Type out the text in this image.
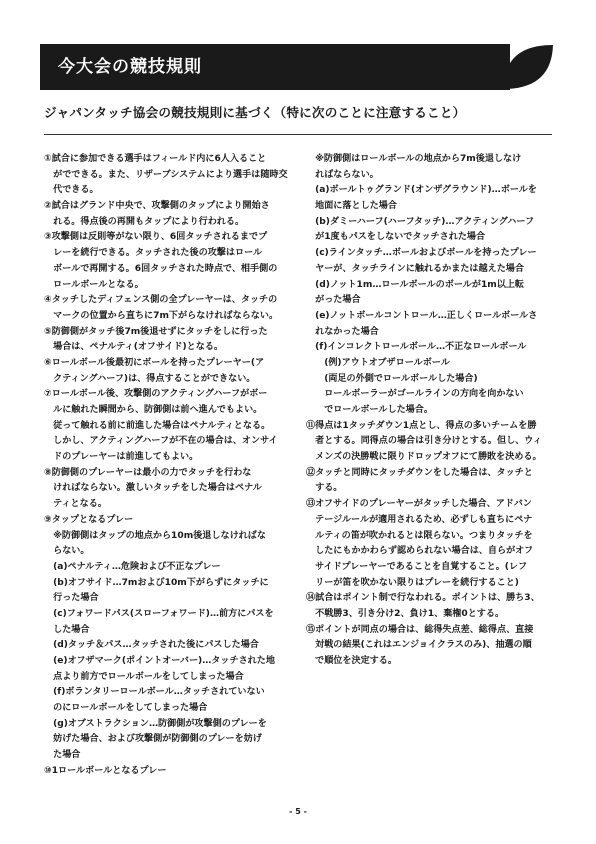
今大会の競技規則
ジャパンタッチ協会の競技規則に基づく（特に次のことに注意すること）
①試合に参加できる選手はフィールド内に6人入ること
　がでできる。また、リザーブシステムにより選手は随時交
　代できる。
②試合はグランド中央で、攻撃側のタップにより開始さ
　れる。得点後の再開もタップにより行われる。
③攻撃側は反則等がない限り、6回タッチされるまでプ
　レーを続行できる。タッチされた後の攻撃はロール
　ボールで再開する。6回タッチされた時点で、相手側の
　ロールボールとなる。
④タッチしたディフェンス側の全プレーヤーは、タッチの
　マークの位置から直ちに7m下がらなければならない。
⑤防御側がタッチ後7m後退せずにタッチをしに行った
　場合は、ペナルティ(オフサイド)となる。
⑥ロールボール後最初にボールを持ったプレーヤー(ア
　クティングハーフ)は、得点することができない。
⑦ロールボール後、攻撃側のアクティングハーフがボー
　ルに触れた瞬間から、防御側は前へ進んでもよい。
　従って触れる前に前進した場合はペナルティとなる。
　しかし、アクティングハーフが不在の場合は、オンサイ
　ドのプレーヤーは前進してもよい。
⑧防御側のプレーヤーは最小の力でタッチを行わな
　ければならない。激しいタッチをした場合はペナル
　ティとなる。
⑨タップとなるプレー
　※防御側はタップの地点から10m後退しなければな
　らない。
　(a)ペナルティ…危険および不正なプレー
　(b)オフサイド…7mおよび10m下がらずにタッチに
　行った場合
　(c)フォワードパス(スローフォワード)…前方にパスを
　した場合
　(d)タッチ＆パス…タッチされた後にパスした場合
　(e)オフザマーク(ポイントオーバー)…タッチされた地
　点より前方でロールボールをしてしまった場合
　(f)ボランタリーロールボール…タッチされていない
　のにロールボールをしてしまった場合
　(g)オブストラクション…防御側が攻撃側のプレーを
　妨げた場合、および攻撃側が防御側のプレーを妨げ
　た場合
⑩1ロールボールとなるプレー
　※防御側はロールボールの地点から7m後退しなけ
　ればならない。
　(a)ボールトゥグランド(オンザグラウンド)…ボールを
　地面に落とした場合
　(b)ダミーハーフ(ハーフタッチ)…アクティングハーフ
　が1度もパスをしないでタッチされた場合
　(c)ラインタッチ…ボールおよびボールを持ったプレー
　ヤーが、タッチラインに触れるかまたは越えた場合
　(d)ノット1m…ロールボールのボールが1m以上転
　がった場合
　(e)ノットボールコントロール…正しくロールボールさ
　れなかった場合
　(f)インコレクトロールボール…不正なロールボール
　　(例)アウトオブザロールボール
　　(両足の外側でロールボールした場合)
　　ロールボーラーがゴールラインの方向を向かない
　　でロールボールした場合。
⑪得点は1タッチダウン1点とし、得点の多いチームを勝
　者とする。同得点の場合は引き分けとする。但し、ウィ
　メンズの決勝戦に限りドロップオフにて勝敗を決める。
⑫タッチと同時にタッチダウンをした場合は、タッチと
　する。
⑬オフサイドのプレーヤーがタッチした場合、アドバン
　テージルールが適用されるため、必ずしも直ちにペナ
　ルティの笛が吹かれるとは限らない。つまりタッチを
　したにもかかわらず認められない場合は、自らがオフ
　サイドプレーヤーであることを自覚すること。(レフ
　リーが笛を吹かない限りはプレーを続行すること)
⑭試合はポイント制で行なわれる。ポイントは、勝ち3、
　不戦勝3、引き分け2、負け1、棄権0とする。
⑮ポイントが同点の場合は、総得失点差、総得点、直接
　対戦の結果(これはエンジョイクラスのみ)、抽選の順
　で順位を決定する。
- 5 -
